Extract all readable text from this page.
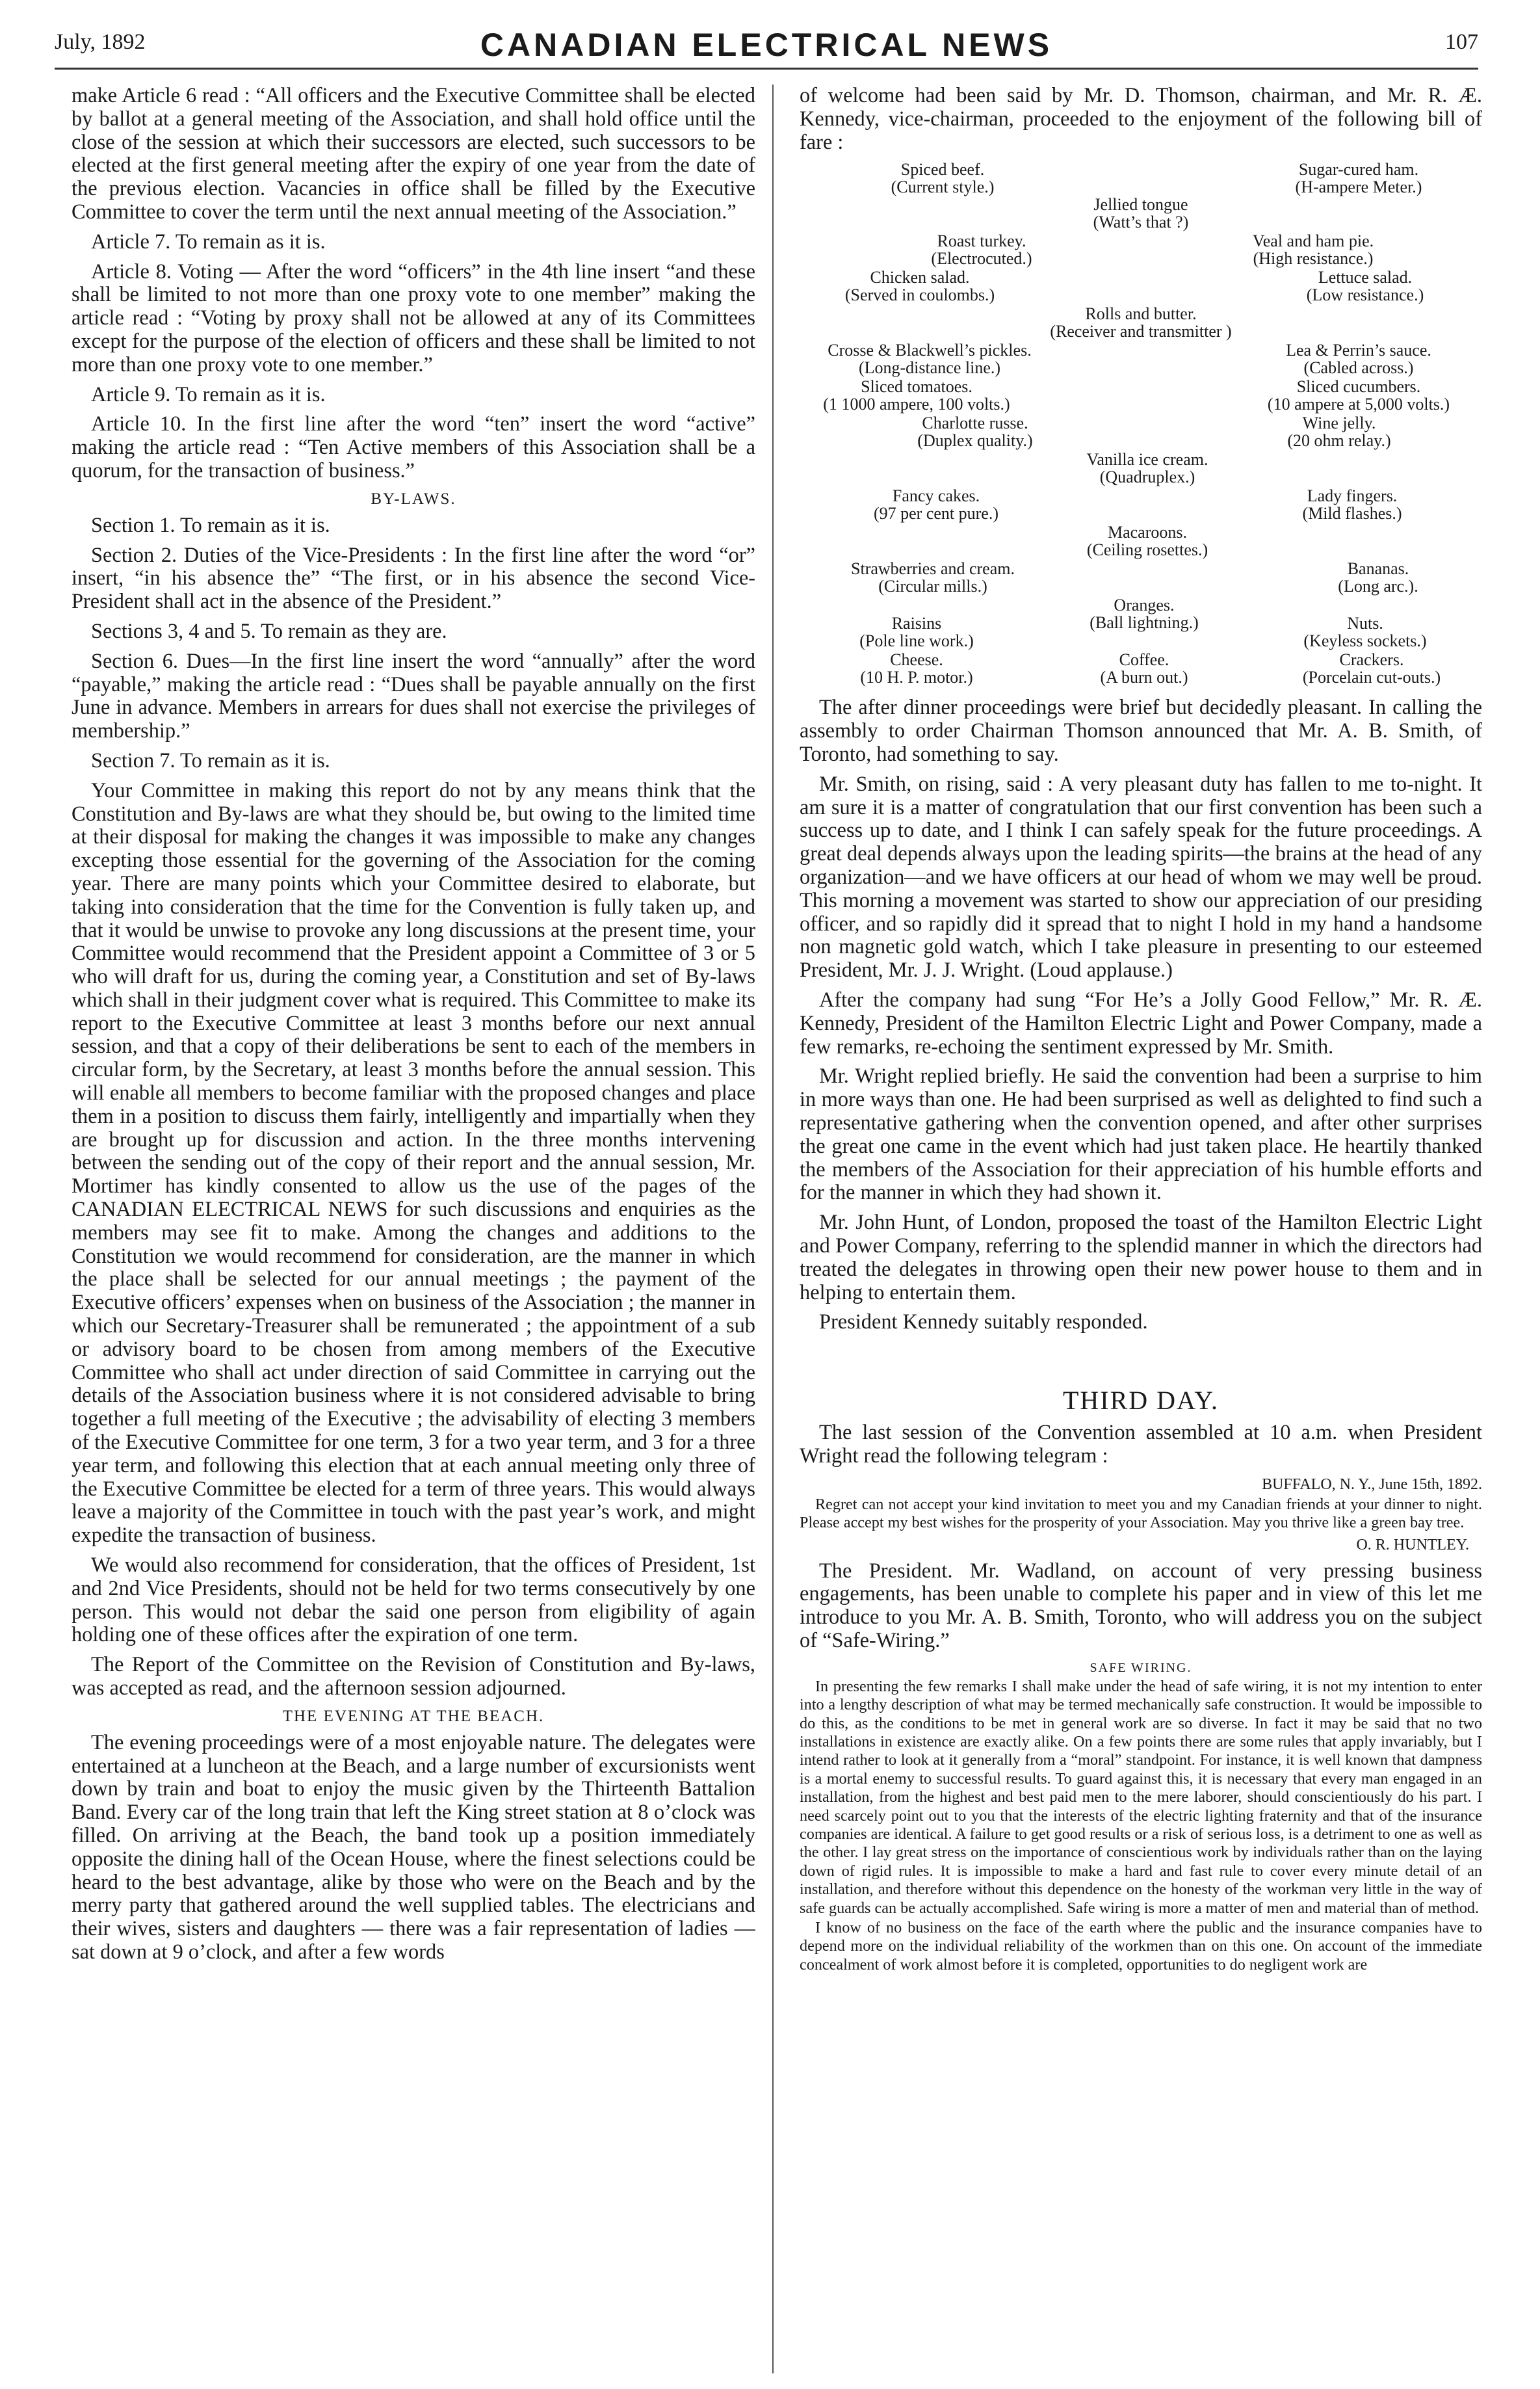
July, 1892	CANADIAN ELECTRICAL NEWS	107

make Article 6 read : “All officers and the Executive Committee shall be elected by ballot at a general meeting of the Association, and shall hold office until the close of the session at which their successors are elected, such successors to be elected at the first general meeting after the expiry of one year from the date of the previous election. Vacancies in office shall be filled by the Executive Committee to cover the term until the next annual meeting of the Association.”

Article 7. To remain as it is.

Article 8. Voting — After the word “officers” in the 4th line insert “and these shall be limited to not more than one proxy vote to one member” making the article read : “Voting by proxy shall not be allowed at any of its Committees except for the purpose of the election of officers and these shall be limited to not more than one proxy vote to one member.”

Article 9. To remain as it is.

Article 10. In the first line after the word “ten” insert the word “active” making the article read : “Ten Active members of this Association shall be a quorum, for the transaction of business.”

BY-LAWS.

Section 1. To remain as it is.

Section 2. Duties of the Vice-Presidents : In the first line after the word “or” insert, “in his absence the” “The first, or in his absence the second Vice-President shall act in the absence of the President.”

Sections 3, 4 and 5. To remain as they are.

Section 6. Dues—In the first line insert the word “annually” after the word “payable,” making the article read : “Dues shall be payable annually on the first June in advance. Members in arrears for dues shall not exercise the privileges of membership.”

Section 7. To remain as it is.

Your Committee in making this report do not by any means think that the Constitution and By-laws are what they should be, but owing to the limited time at their disposal for making the changes it was impossible to make any changes excepting those essential for the governing of the Association for the coming year. There are many points which your Committee desired to elaborate, but taking into consideration that the time for the Convention is fully taken up, and that it would be unwise to provoke any long discussions at the present time, your Committee would recommend that the President appoint a Committee of 3 or 5 who will draft for us, during the coming year, a Constitution and set of By-laws which shall in their judgment cover what is required. This Committee to make its report to the Executive Committee at least 3 months before our next annual session, and that a copy of their deliberations be sent to each of the members in circular form, by the Secretary, at least 3 months before the annual session. This will enable all members to become familiar with the proposed changes and place them in a position to discuss them fairly, intelligently and impartially when they are brought up for discussion and action. In the three months intervening between the sending out of the copy of their report and the annual session, Mr. Mortimer has kindly consented to allow us the use of the pages of the CANADIAN ELECTRICAL NEWS for such discussions and enquiries as the members may see fit to make. Among the changes and additions to the Constitution we would recommend for consideration, are the manner in which the place shall be selected for our annual meetings ; the payment of the Executive officers’ expenses when on business of the Association ; the manner in which our Secretary-Treasurer shall be remunerated ; the appointment of a sub or advisory board to be chosen from among members of the Executive Committee who shall act under direction of said Committee in carrying out the details of the Association business where it is not considered advisable to bring together a full meeting of the Executive ; the advisability of electing 3 members of the Executive Committee for one term, 3 for a two year term, and 3 for a three year term, and following this election that at each annual meeting only three of the Executive Committee be elected for a term of three years. This would always leave a majority of the Committee in touch with the past year’s work, and might expedite the transaction of business.

We would also recommend for consideration, that the offices of President, 1st and 2nd Vice Presidents, should not be held for two terms consecutively by one person. This would not debar the said one person from eligibility of again holding one of these offices after the expiration of one term.

The Report of the Committee on the Revision of Constitution and By-laws, was accepted as read, and the afternoon session adjourned.

THE EVENING AT THE BEACH.

The evening proceedings were of a most enjoyable nature. The delegates were entertained at a luncheon at the Beach, and a large number of excursionists went down by train and boat to enjoy the music given by the Thirteenth Battalion Band. Every car of the long train that left the King street station at 8 o’clock was filled. On arriving at the Beach, the band took up a position immediately opposite the dining hall of the Ocean House, where the finest selections could be heard to the best advantage, alike by those who were on the Beach and by the merry party that gathered around the well supplied tables. The electricians and their wives, sisters and daughters — there was a fair representation of ladies — sat down at 9 o’clock, and after a few words

of welcome had been said by Mr. D. Thomson, chairman, and Mr. R. Æ. Kennedy, vice-chairman, proceeded to the enjoyment of the following bill of fare :

Spiced beef.
(Current style.)
Sugar-cured ham.
(H-ampere Meter.)
Jellied tongue
(Watt’s that ?)
Roast turkey.
(Electrocuted.)
Veal and ham pie.
(High resistance.)
Chicken salad.
(Served in coulombs.)
Lettuce salad.
(Low resistance.)
Rolls and butter.
(Receiver and transmitter )
Crosse & Blackwell’s pickles.
(Long-distance line.)
Lea & Perrin’s sauce.
(Cabled across.)
Sliced tomatoes.
(1 1000 ampere, 100 volts.)
Sliced cucumbers.
(10 ampere at 5,000 volts.)
Charlotte russe.
(Duplex quality.)
Wine jelly.
(20 ohm relay.)
Vanilla ice cream.
(Quadruplex.)
Fancy cakes.
(97 per cent pure.)
Lady fingers.
(Mild flashes.)
Macaroons.
(Ceiling rosettes.)
Strawberries and cream.
(Circular mills.)
Bananas.
(Long arc.).
Oranges.
(Ball lightning.)
Raisins
(Pole line work.)
Nuts.
(Keyless sockets.)
Cheese.
(10 H. P. motor.)
Crackers.
(Porcelain cut-outs.)
Coffee.
(A burn out.)

The after dinner proceedings were brief but decidedly pleasant. In calling the assembly to order Chairman Thomson announced that Mr. A. B. Smith, of Toronto, had something to say.

Mr. Smith, on rising, said : A very pleasant duty has fallen to me to-night. It am sure it is a matter of congratulation that our first convention has been such a success up to date, and I think I can safely speak for the future proceedings. A great deal depends always upon the leading spirits—the brains at the head of any organization—and we have officers at our head of whom we may well be proud. This morning a movement was started to show our appreciation of our presiding officer, and so rapidly did it spread that to night I hold in my hand a handsome non magnetic gold watch, which I take pleasure in presenting to our esteemed President, Mr. J. J. Wright. (Loud applause.)

After the company had sung “For He’s a Jolly Good Fellow,” Mr. R. Æ. Kennedy, President of the Hamilton Electric Light and Power Company, made a few remarks, re-echoing the sentiment expressed by Mr. Smith.

Mr. Wright replied briefly. He said the convention had been a surprise to him in more ways than one. He had been surprised as well as delighted to find such a representative gathering when the convention opened, and after other surprises the great one came in the event which had just taken place. He heartily thanked the members of the Association for their appreciation of his humble efforts and for the manner in which they had shown it.

Mr. John Hunt, of London, proposed the toast of the Hamilton Electric Light and Power Company, referring to the splendid manner in which the directors had treated the delegates in throwing open their new power house to them and in helping to entertain them.

President Kennedy suitably responded.

THIRD DAY.

The last session of the Convention assembled at 10 a.m. when President Wright read the following telegram :

BUFFALO, N. Y., June 15th, 1892.

Regret can not accept your kind invitation to meet you and my Canadian friends at your dinner to night. Please accept my best wishes for the prosperity of your Association. May you thrive like a green bay tree.

O. R. HUNTLEY.

The President. Mr. Wadland, on account of very pressing business engagements, has been unable to complete his paper and in view of this let me introduce to you Mr. A. B. Smith, Toronto, who will address you on the subject of “Safe-Wiring.”

SAFE WIRING.

In presenting the few remarks I shall make under the head of safe wiring, it is not my intention to enter into a lengthy description of what may be termed mechanically safe construction. It would be impossible to do this, as the conditions to be met in general work are so diverse. In fact it may be said that no two installations in existence are exactly alike. On a few points there are some rules that apply invariably, but I intend rather to look at it generally from a “moral” standpoint. For instance, it is well known that dampness is a mortal enemy to successful results. To guard against this, it is necessary that every man engaged in an installation, from the highest and best paid men to the mere laborer, should conscientiously do his part. I need scarcely point out to you that the interests of the electric lighting fraternity and that of the insurance companies are identical. A failure to get good results or a risk of serious loss, is a detriment to one as well as the other. I lay great stress on the importance of conscientious work by individuals rather than on the laying down of rigid rules. It is impossible to make a hard and fast rule to cover every minute detail of an installation, and therefore without this dependence on the honesty of the workman very little in the way of safe guards can be actually accomplished. Safe wiring is more a matter of men and material than of method.

I know of no business on the face of the earth where the public and the insurance companies have to depend more on the individual reliability of the workmen than on this one. On account of the immediate concealment of work almost before it is completed, opportunities to do negligent work are
